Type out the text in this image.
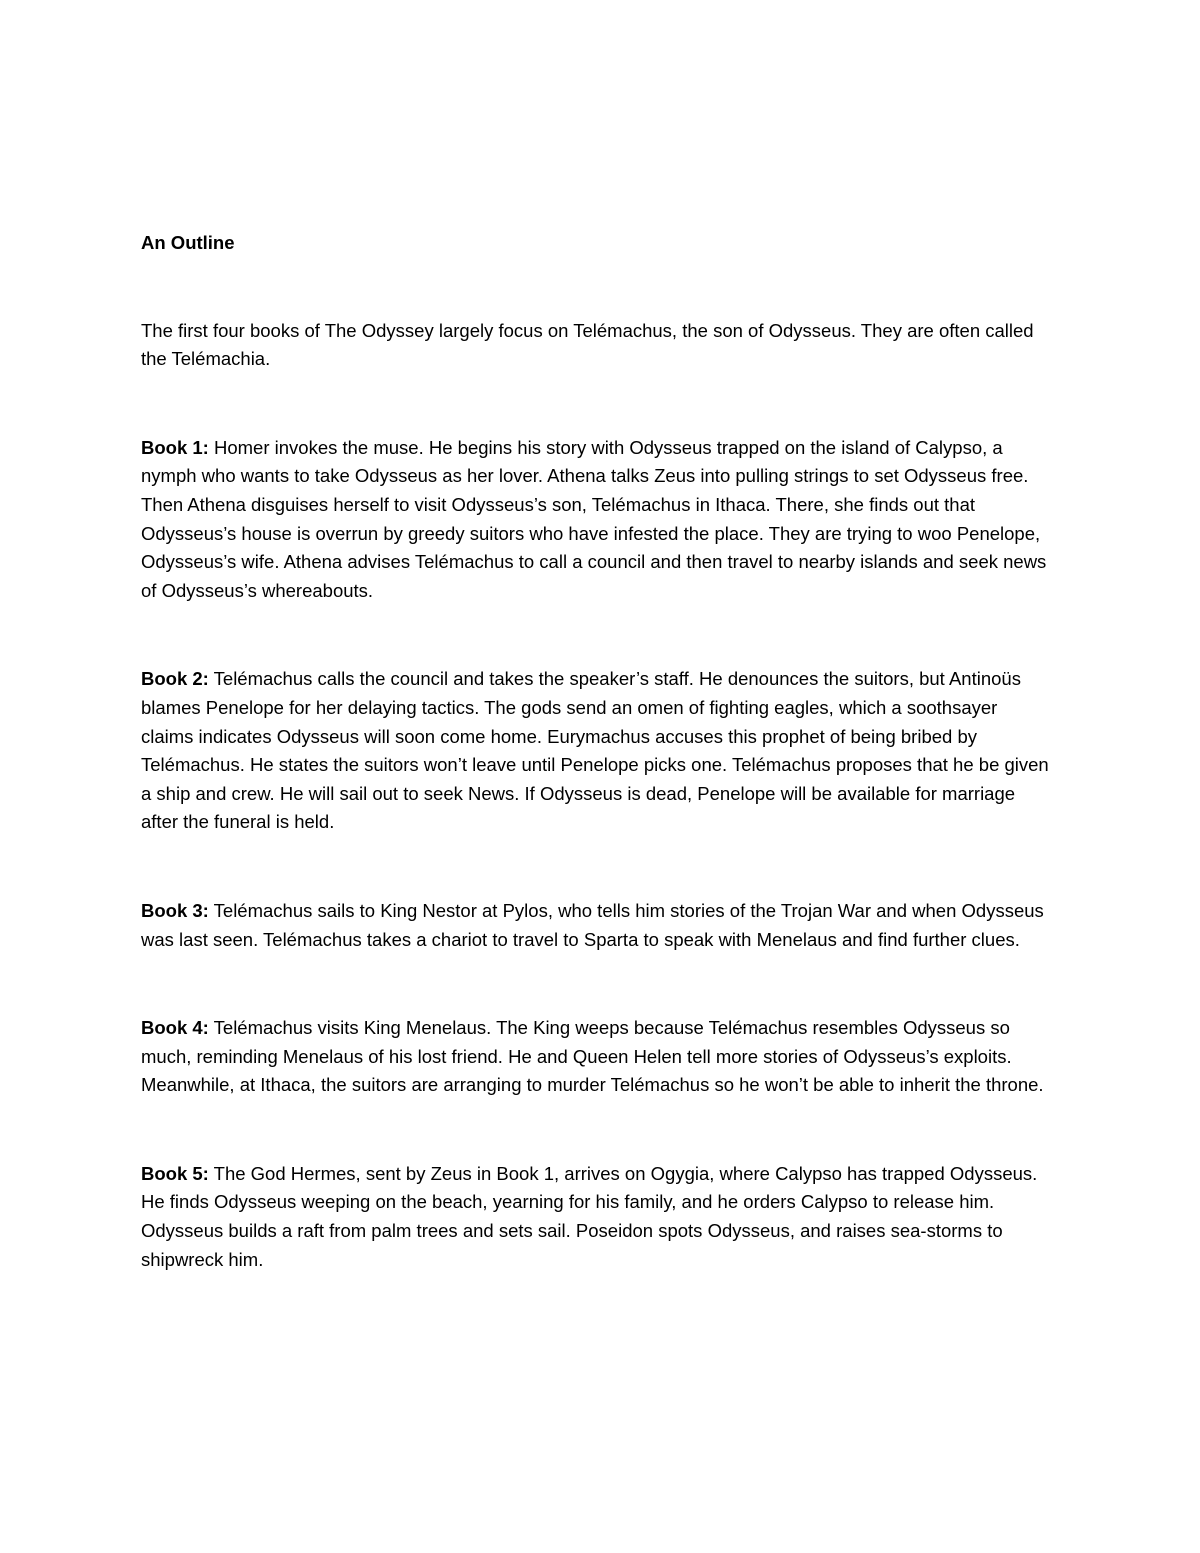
An Outline

The first four books of The Odyssey largely focus on Telémachus, the son of Odysseus. They are often called the Telémachia.

Book 1: Homer invokes the muse. He begins his story with Odysseus trapped on the island of Calypso, a nymph who wants to take Odysseus as her lover. Athena talks Zeus into pulling strings to set Odysseus free. Then Athena disguises herself to visit Odysseus’s son, Telémachus in Ithaca. There, she finds out that Odysseus’s house is overrun by greedy suitors who have infested the place. They are trying to woo Penelope, Odysseus’s wife. Athena advises Telémachus to call a council and then travel to nearby islands and seek news of Odysseus’s whereabouts.

Book 2: Telémachus calls the council and takes the speaker’s staff. He denounces the suitors, but Antinoüs blames Penelope for her delaying tactics. The gods send an omen of fighting eagles, which a soothsayer claims indicates Odysseus will soon come home. Eurymachus accuses this prophet of being bribed by Telémachus. He states the suitors won’t leave until Penelope picks one. Telémachus proposes that he be given a ship and crew. He will sail out to seek News. If Odysseus is dead, Penelope will be available for marriage after the funeral is held.

Book 3: Telémachus sails to King Nestor at Pylos, who tells him stories of the Trojan War and when Odysseus was last seen. Telémachus takes a chariot to travel to Sparta to speak with Menelaus and find further clues.

Book 4: Telémachus visits King Menelaus. The King weeps because Telémachus resembles Odysseus so much, reminding Menelaus of his lost friend. He and Queen Helen tell more stories of Odysseus’s exploits. Meanwhile, at Ithaca, the suitors are arranging to murder Telémachus so he won’t be able to inherit the throne.

Book 5: The God Hermes, sent by Zeus in Book 1, arrives on Ogygia, where Calypso has trapped Odysseus. He finds Odysseus weeping on the beach, yearning for his family, and he orders Calypso to release him. Odysseus builds a raft from palm trees and sets sail. Poseidon spots Odysseus, and raises sea-storms to shipwreck him.
